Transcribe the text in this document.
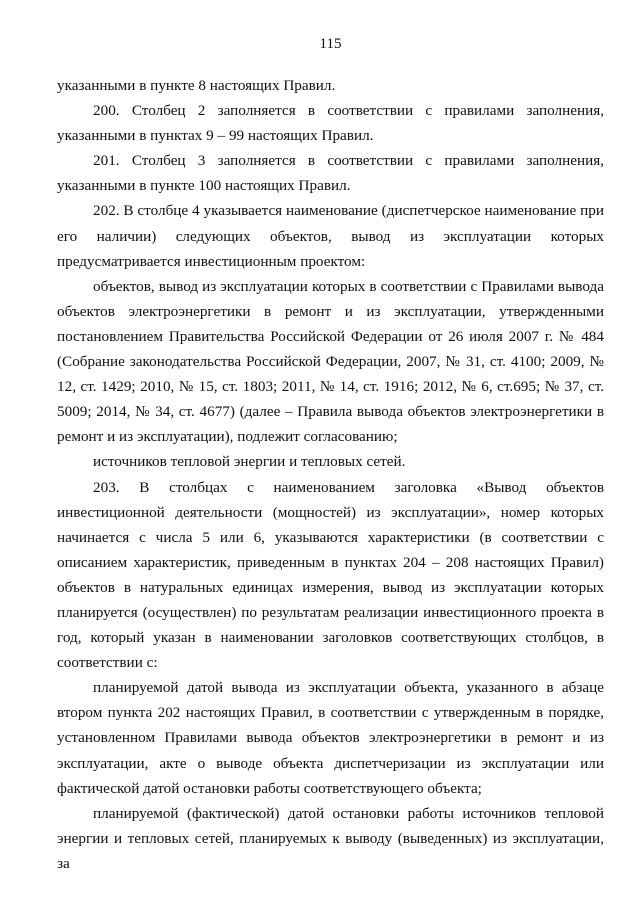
115

указанными в пункте 8 настоящих Правил.

200. Столбец 2 заполняется в соответствии с правилами заполнения, указанными в пунктах 9 – 99 настоящих Правил.

201. Столбец 3 заполняется в соответствии с правилами заполнения, указанными в пункте 100 настоящих Правил.

202. В столбце 4 указывается наименование (диспетчерское наименование при его наличии) следующих объектов, вывод из эксплуатации которых предусматривается инвестиционным проектом:

объектов, вывод из эксплуатации которых в соответствии с Правилами вывода объектов электроэнергетики в ремонт и из эксплуатации, утвержденными постановлением Правительства Российской Федерации от 26 июля 2007 г. № 484 (Собрание законодательства Российской Федерации, 2007, № 31, ст. 4100; 2009, № 12, ст. 1429; 2010, № 15, ст. 1803; 2011, № 14, ст. 1916; 2012, № 6, ст.695; № 37, ст. 5009; 2014, № 34, ст. 4677) (далее – Правила вывода объектов электроэнергетики в ремонт и из эксплуатации), подлежит согласованию;

источников тепловой энергии и тепловых сетей.

203. В столбцах с наименованием заголовка «Вывод объектов инвестиционной деятельности (мощностей) из эксплуатации», номер которых начинается с числа 5 или 6, указываются характеристики (в соответствии с описанием характеристик, приведенным в пунктах 204 – 208 настоящих Правил) объектов в натуральных единицах измерения, вывод из эксплуатации которых планируется (осуществлен) по результатам реализации инвестиционного проекта в год, который указан в наименовании заголовков соответствующих столбцов, в соответствии с:

планируемой датой вывода из эксплуатации объекта, указанного в абзаце втором пункта 202 настоящих Правил, в соответствии с утвержденным в порядке, установленном Правилами вывода объектов электроэнергетики в ремонт и из эксплуатации, акте о выводе объекта диспетчеризации из эксплуатации или фактической датой остановки работы соответствующего объекта;

планируемой (фактической) датой остановки работы источников тепловой энергии и тепловых сетей, планируемых к выводу (выведенных) из эксплуатации, за
